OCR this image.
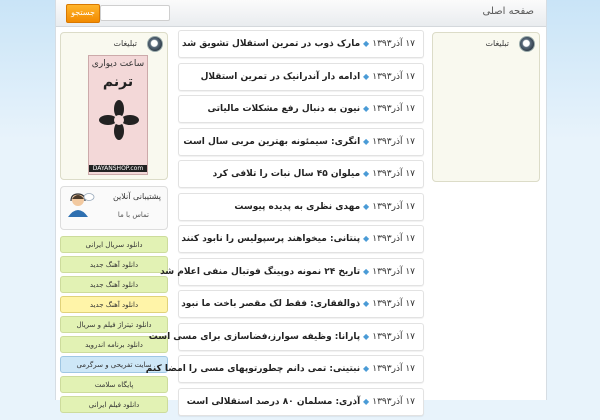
صفحه اصلی
جستجو
تبلیغات
ساعت دیواری
ترنم
DAYANSHOP.com
پشتیبانی آنلاین
تماس با ما
دانلود سریال ایرانی
دانلود آهنگ جدید
دانلود آهنگ جدید
دانلود آهنگ جدید
دانلود تیتراژ فیلم و سریال
دانلود برنامه اندروید
سایت تفریحی و سرگرمی
پایگاه سلامت
دانلود فیلم ایرانی
۱۷ آذر۱۳۹۳ ◆ مارک ذوب در تمرین استقلال تشویق شد
۱۷ آذر۱۳۹۳ ◆ ادامه دار آندرانیک در تمرین استقلال
۱۷ آذر۱۳۹۳ ◆ نیون به دنبال رفع مشکلات مالیاتی
۱۷ آذر۱۳۹۳ ◆ انگری: سیمئونه بهترین مربی سال است
۱۷ آذر۱۳۹۳ ◆ میلوان ۴۵ سال نبات را تلافی کرد
۱۷ آذر۱۳۹۳ ◆ مهدی نظری به پدیده پیوست
۱۷ آذر۱۳۹۳ ◆ پنتانی: میخواهند پرسپولیس را نابود کنند
۱۷ آذر۱۳۹۳ ◆ تاریخ ۲۴ نمونه دوپینگ فوتبال منفی اعلام شد
۱۷ آذر۱۳۹۳ ◆ ذوالفقاری: فقط لک مقصر باخت ما نبود
۱۷ آذر۱۳۹۳ ◆ پارانا: وظیفه سوارز،فضاسازی برای مسی است
۱۷ آذر۱۳۹۳ ◆ نبتینی: تمی دانم چطورتوپهای مسی را امضا کنم
۱۷ آذر۱۳۹۳ ◆ آذری: مسلمان ۸۰ درصد استقلالی است
تبلیغات
